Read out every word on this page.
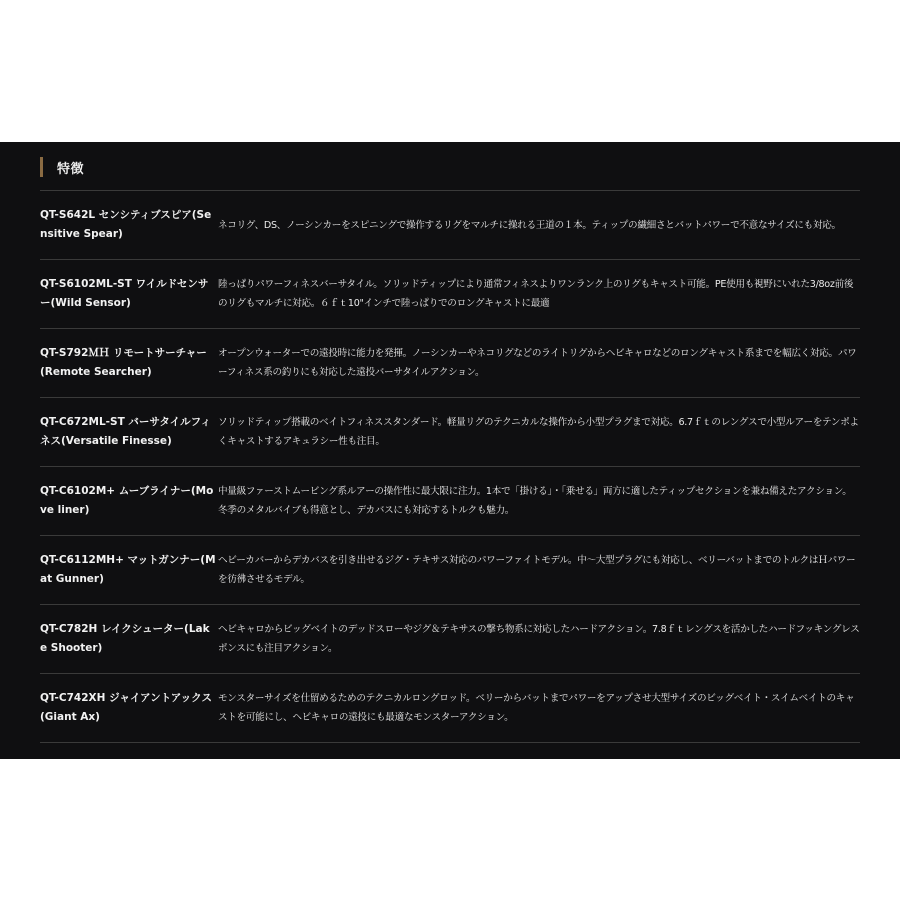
特徴
QT-S642L センシティブスピア(Sensitive Spear)
ネコリグ、DS、ノーシンカーをスピニングで操作するリグをマルチに操れる王道の１本。ティップの繊細さとバットパワーで不意なサイズにも対応。
QT-S6102ML-ST ワイルドセンサー(Wild Sensor)
陸っぱりパワーフィネスバーサタイル。ソリッドティップにより通常フィネスよりワンランク上のリグもキャスト可能。PE使用も視野にいれた3/8oz前後のリグもマルチに対応。６ｆｔ10"インチで陸っぱりでのロングキャストに最適
QT-S792ＭＨ リモートサーチャー(Remote Searcher)
オープンウォーターでの遠投時に能力を発揮。ノーシンカーやネコリグなどのライトリグからヘビキャロなどのロングキャスト系までを幅広く対応。パワーフィネス系の釣りにも対応した遠投バーサタイルアクション。
QT-C672ML-ST バーサタイルフィネス(Versatile Finesse)
ソリッドティップ搭載のベイトフィネススタンダード。軽量リグのテクニカルな操作から小型プラグまで対応。6.7ｆｔのレングスで小型ルアーをテンポよくキャストするアキュラシー性も注目。
QT-C6102M+ ムーブライナー(Move liner)
中量級ファーストムービング系ルアーの操作性に最大限に注力。1本で「掛ける」・「乗せる」両方に適したティップセクションを兼ね備えたアクション。冬季のメタルバイブも得意とし、デカバスにも対応するトルクも魅力。
QT-C6112MH+ マットガンナー(Mat Gunner)
ヘビーカバーからデカバスを引き出せるジグ・テキサス対応のパワーファイトモデル。中～大型プラグにも対応し、ベリーバットまでのトルクはＨパワーを彷彿させるモデル。
QT-C782H レイクシューター(Lake Shooter)
ヘビキャロからビッグベイトのデッドスローやジグ＆テキサスの撃ち物系に対応したハードアクション。7.8ｆｔレングスを活かしたハードフッキングレスポンスにも注目アクション。
QT-C742XH ジャイアントアックス(Giant Ax)
モンスターサイズを仕留めるためのテクニカルロングロッド。ベリーからバットまでパワーをアップさせ大型サイズのビッグベイト・スイムベイトのキャストを可能にし、ヘビキャロの遠投にも最適なモンスターアクション。
